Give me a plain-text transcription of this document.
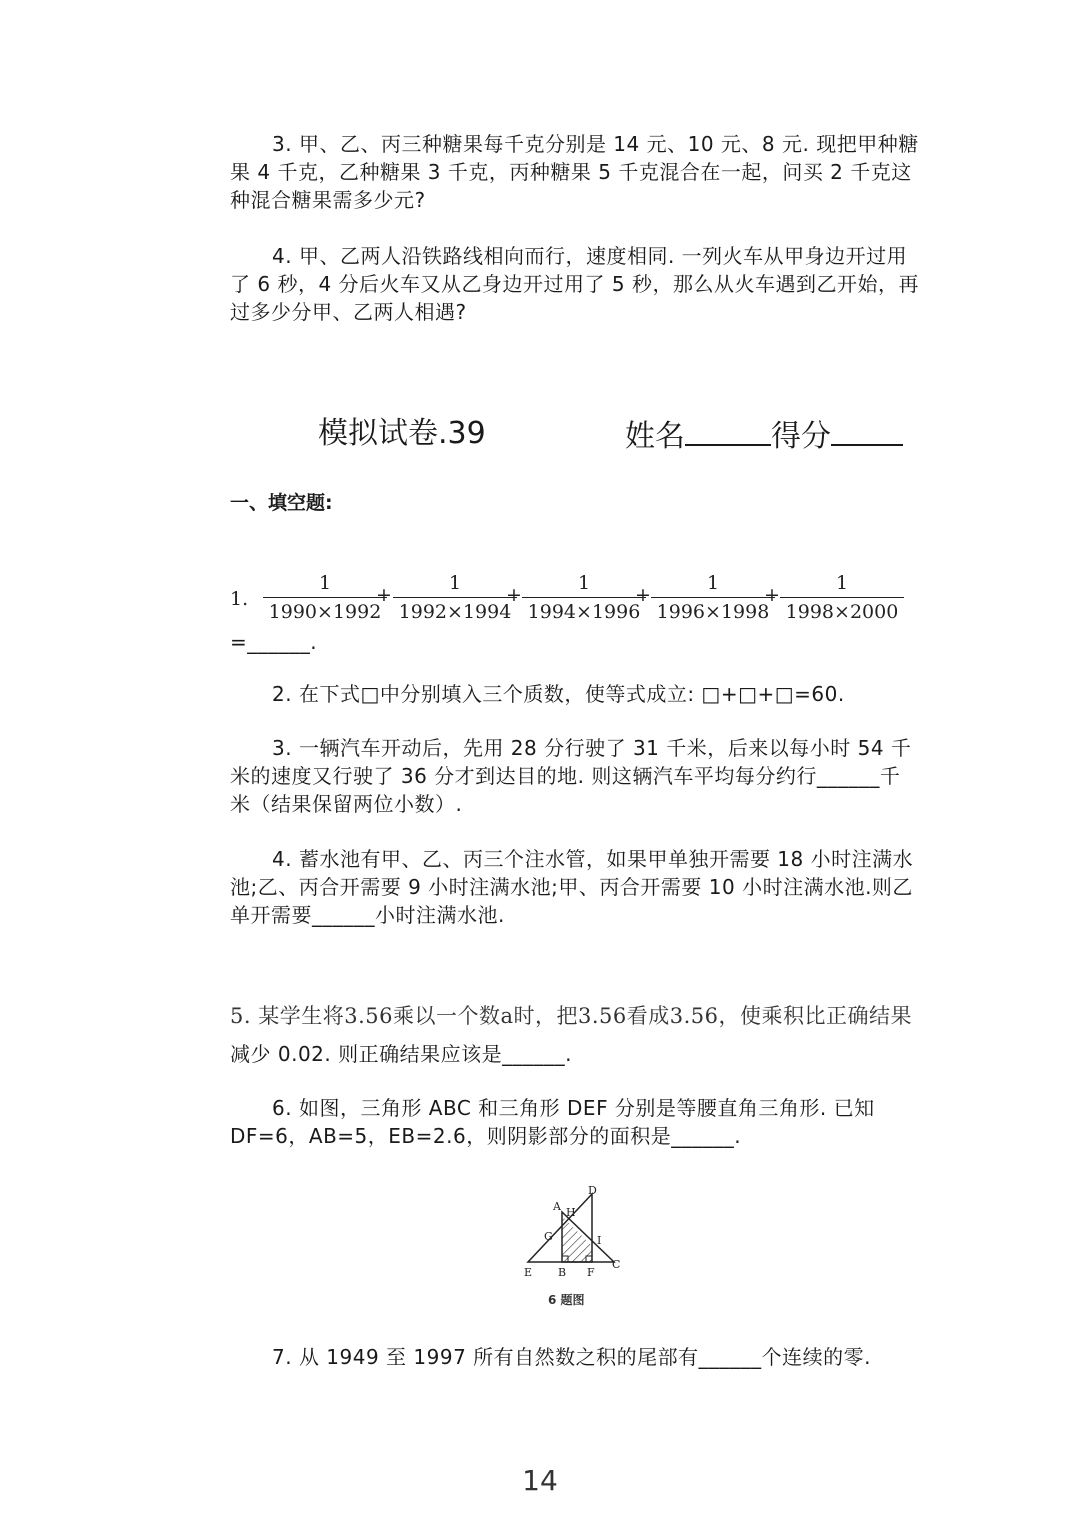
3. 甲、乙、丙三种糖果每千克分别是 14 元、10 元、8 元. 现把甲种糖果 4 千克，乙种糖果 3 千克，丙种糖果 5 千克混合在一起，问买 2 千克这种混合糖果需多少元?

4. 甲、乙两人沿铁路线相向而行，速度相同. 一列火车从甲身边开过用了 6 秒，4 分后火车又从乙身边开过用了 5 秒，那么从火车遇到乙开始，再过多少分甲、乙两人相遇?

模拟试卷.39	姓名	得分
一、填空题:
1.
1
1990×1992
+
1
1992×1994
+
1
1994×1996
+
1
1996×1998
+
1
1998×2000

=______.

2. 在下式□中分别填入三个质数，使等式成立: □+□+□=60.

3. 一辆汽车开动后，先用 28 分行驶了 31 千米，后来以每小时 54 千米的速度又行驶了 36 分才到达目的地. 则这辆汽车平均每分约行______千米（结果保留两位小数）.

4. 蓄水池有甲、乙、丙三个注水管，如果甲单独开需要 18 小时注满水池;乙、丙合开需要 9 小时注满水池;甲、丙合开需要 10 小时注满水池.则乙单开需要______小时注满水池.

5. 某学生将3.56乘以一个数a时，把3.56看成3.56，使乘积比正确结果

减少 0.02. 则正确结果应该是______.

6. 如图，三角形 ABC 和三角形 DEF 分别是等腰直角三角形. 已知 DF=6，AB=5，EB=2.6，则阴影部分的面积是______.

D
A H
G	I
C
E B F
6 题图

7. 从 1949 至 1997 所有自然数之积的尾部有______个连续的零.

14
